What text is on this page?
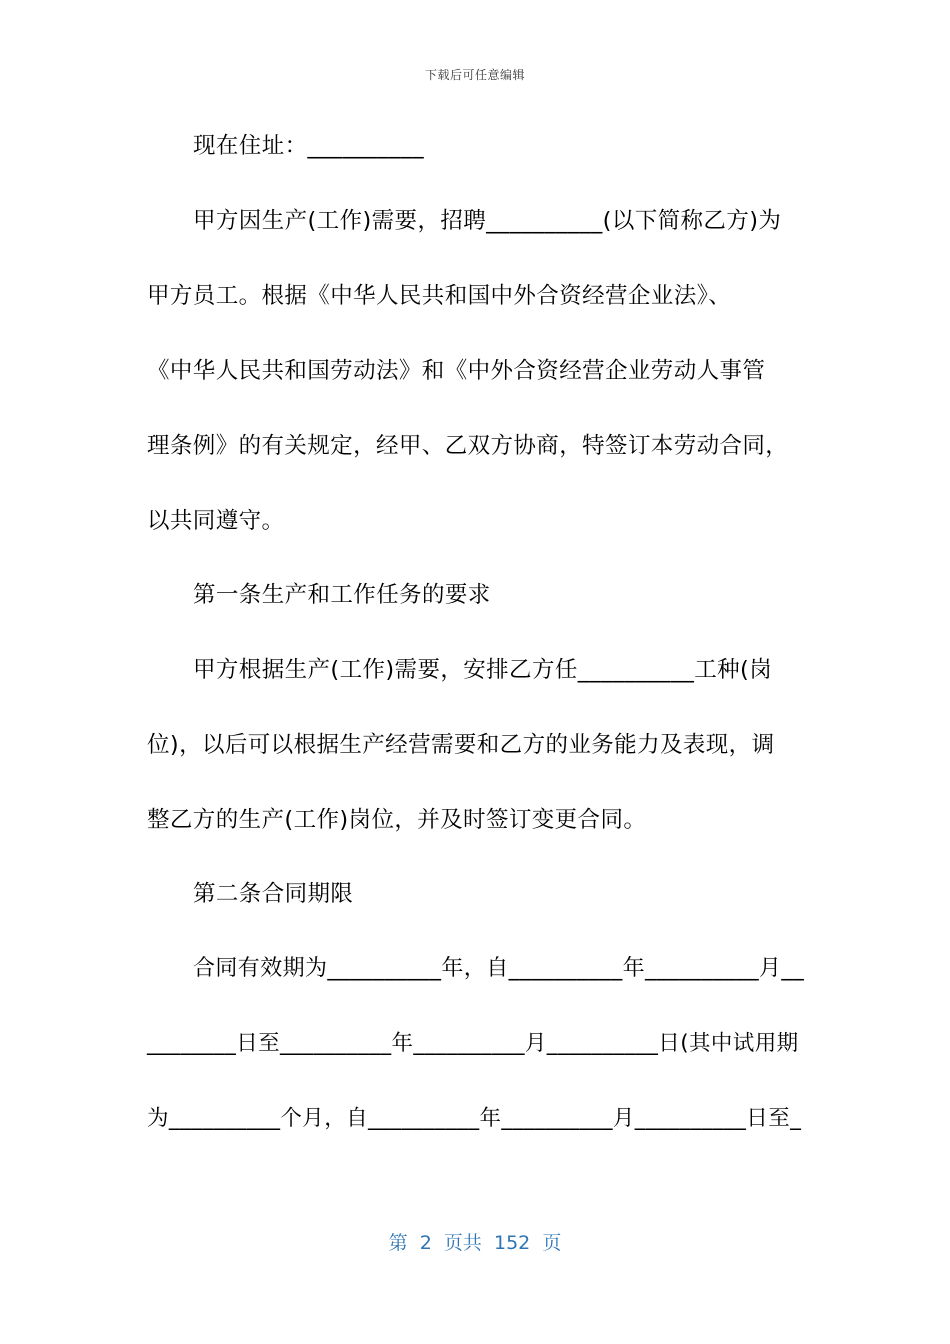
下载后可任意编辑
现在住址：__________
甲方因生产(工作)需要，招聘__________(以下简称乙方)为
甲方员工。根据《中华人民共和国中外合资经营企业法》、
《中华人民共和国劳动法》和《中外合资经营企业劳动人事管
理条例》的有关规定，经甲、乙双方协商，特签订本劳动合同，
以共同遵守。
第一条生产和工作任务的要求
甲方根据生产(工作)需要，安排乙方任__________工种(岗
位)，以后可以根据生产经营需要和乙方的业务能力及表现，调
整乙方的生产(工作)岗位，并及时签订变更合同。
第二条合同期限
合同有效期为__________年，自__________年__________月__
________日至__________年__________月__________日(其中试用期
为__________个月，自__________年__________月__________日至_
第  2  页共  152  页
